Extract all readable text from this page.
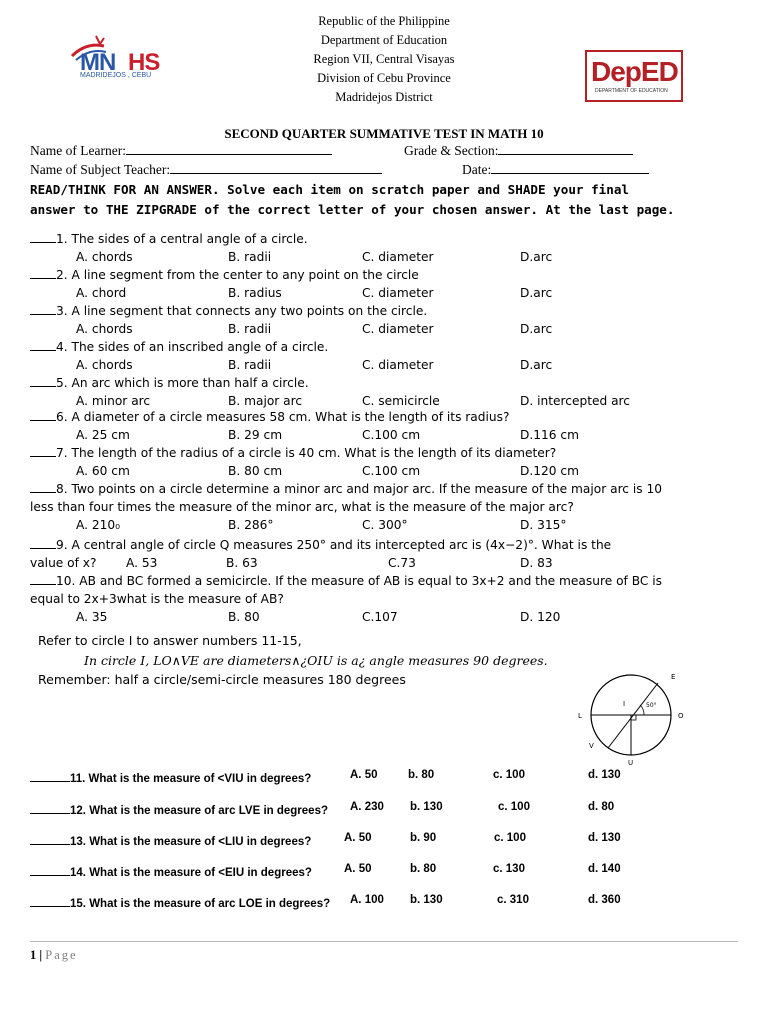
Republic of the Philippine
Department of Education
Region VII, Central Visayas
Division of Cebu Province
Madridejos District
MN HS
MADRIDEJOS , CEBU	DepED
DEPARTMENT OF EDUCATION
SECOND QUARTER SUMMATIVE TEST IN MATH 10
Name of Learner:	Grade & Section:
Name of Subject Teacher:	Date:
READ/THINK FOR AN ANSWER. Solve each item on scratch paper and SHADE your final
answer to THE ZIPGRADE of the correct letter of your chosen answer. At the last page.
1. The sides of a central angle of a circle.
A. chords	B. radii	C. diameter	D.arc
2. A line segment from the center to any point on the circle
A. chord	B. radius	C. diameter	D.arc
3. A line segment that connects any two points on the circle.
A. chords	B. radii	C. diameter	D.arc
4. The sides of an inscribed angle of a circle.
A. chords	B. radii	C. diameter	D.arc
5. An arc which is more than half a circle.
A. minor arc	B. major arc	C. semicircle	D. intercepted arc
6. A diameter of a circle measures 58 cm. What is the length of its radius?
A. 25 cm	B. 29 cm	C.100 cm	D.116 cm
7. The length of the radius of a circle is 40 cm. What is the length of its diameter?
A. 60 cm	B. 80 cm	C.100 cm	D.120 cm
8. Two points on a circle determine a minor arc and major arc. If the measure of the major arc is 10
less than four times the measure of the minor arc, what is the measure of the major arc?
A. 210₀	B. 286°	C. 300°	D. 315°
9. A central angle of circle Q measures 250° and its intercepted arc is (4x−2)°. What is the
value of x?	A. 53	B. 63	C.73	D. 83
10. AB and BC formed a semicircle. If the measure of AB is equal to 3x+2 and the measure of BC is
equal to 2x+3what is the measure of AB?
A. 35	B. 80	C.107	D. 120
Refer to circle I to answer numbers 11-15,
In circle I, LO∧VE are diameters∧¿OIU is a¿ angle measures 90 degrees.
Remember: half a circle/semi-circle measures 180 degrees	E
I	50°
L	O
V
U
11. What is the measure of <VIU in degrees?	A. 50	b. 80	c. 100	d. 130
12. What is the measure of arc LVE in degrees? A. 230 b. 130	c. 100	d. 80
13. What is the measure of <LIU in degrees?	A. 50	b. 90	c. 100	d. 130
14. What is the measure of <EIU in degrees?	A. 50	b. 80	c. 130	d. 140
15. What is the measure of arc LOE in degrees? A. 100 b. 130	c. 310	d. 360
1 | Page
